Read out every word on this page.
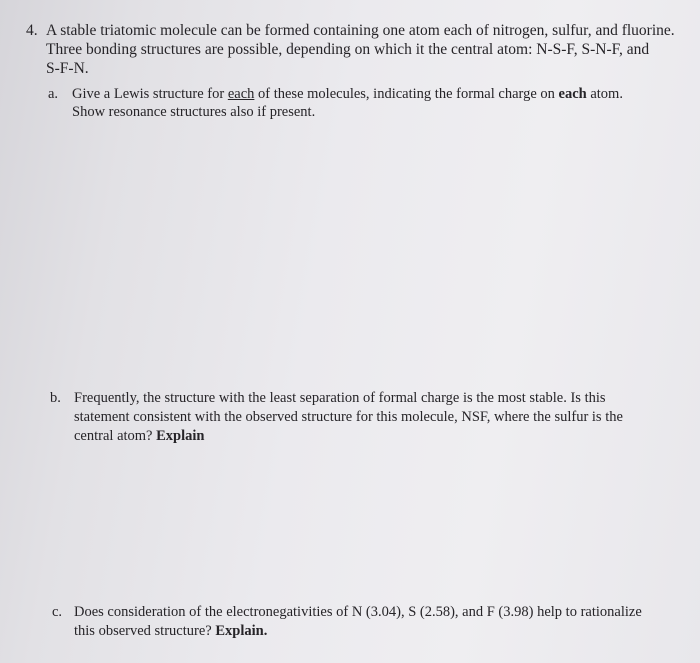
4. A stable triatomic molecule can be formed containing one atom each of nitrogen, sulfur, and fluorine.
Three bonding structures are possible, depending on which it the central atom: N-S-F, S-N-F, and
S-F-N.
a. Give a Lewis structure for each of these molecules, indicating the formal charge on each atom.
Show resonance structures also if present.
b. Frequently, the structure with the least separation of formal charge is the most stable. Is this
statement consistent with the observed structure for this molecule, NSF, where the sulfur is the
central atom? Explain
c. Does consideration of the electronegativities of N (3.04), S (2.58), and F (3.98) help to rationalize
this observed structure? Explain.
